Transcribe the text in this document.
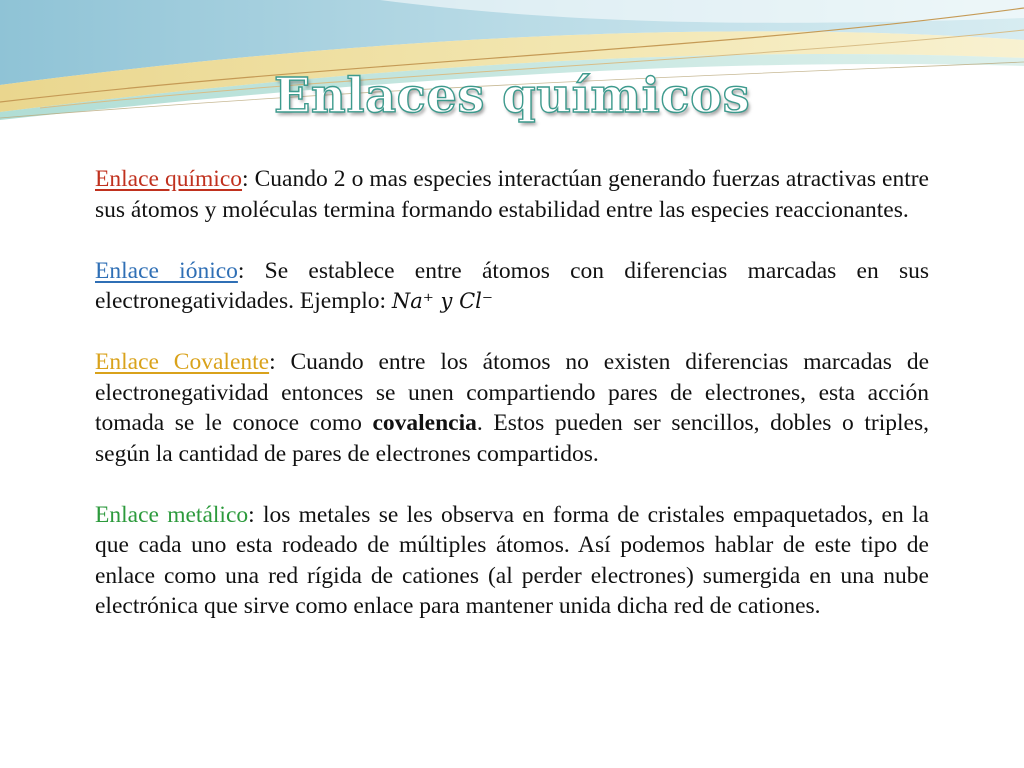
Enlaces químicos

Enlace químico: Cuando 2 o mas especies interactúan generando fuerzas atractivas entre sus átomos y moléculas termina formando estabilidad entre las especies reaccionantes.

Enlace iónico: Se establece entre átomos con diferencias marcadas en sus electronegatividades. Ejemplo: 𝑁𝑎⁺ 𝑦 𝐶𝑙⁻

Enlace Covalente: Cuando entre los átomos no existen diferencias marcadas de electronegatividad entonces se unen compartiendo pares de electrones, esta acción tomada se le conoce como covalencia. Estos pueden ser sencillos, dobles o triples, según la cantidad de pares de electrones compartidos.

Enlace metálico: los metales se les observa en forma de cristales empaquetados, en la que cada uno esta rodeado de múltiples átomos. Así podemos hablar de este tipo de enlace como una red rígida de cationes (al perder electrones) sumergida en una nube electrónica que sirve como enlace para mantener unida dicha red de cationes.
